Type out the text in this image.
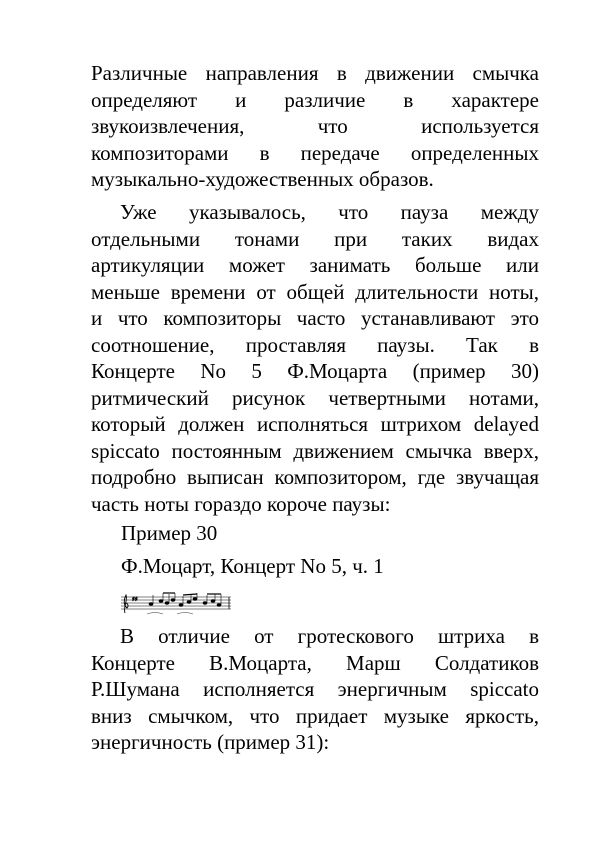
Различные направления в движении смычка
определяют и различие в характере
звукоизвлечения, что используется
композиторами в передаче определенных
музыкально-художественных образов.
Уже указывалось, что пауза между
отдельными тонами при таких видах
артикуляции может занимать больше или
меньше времени от общей длительности ноты,
и что композиторы часто устанавливают это
соотношение, проставляя паузы. Так в
Концерте No 5 Ф.Моцарта (пример 30)
ритмический рисунок четвертными нотами,
который должен исполняться штрихом delayed
spiccato постоянным движением смычка вверх,
подробно выписан композитором, где звучащая
часть ноты гораздо короче паузы:

Пример 30

Ф.Моцарт, Концерт No 5, ч. 1

♯♯
В отличие от гротескового штриха в
Концерте В.Моцарта, Марш Солдатиков
Р.Шумана исполняется энергичным spiccato
вниз смычком, что придает музыке яркость,
энергичность (пример 31):
